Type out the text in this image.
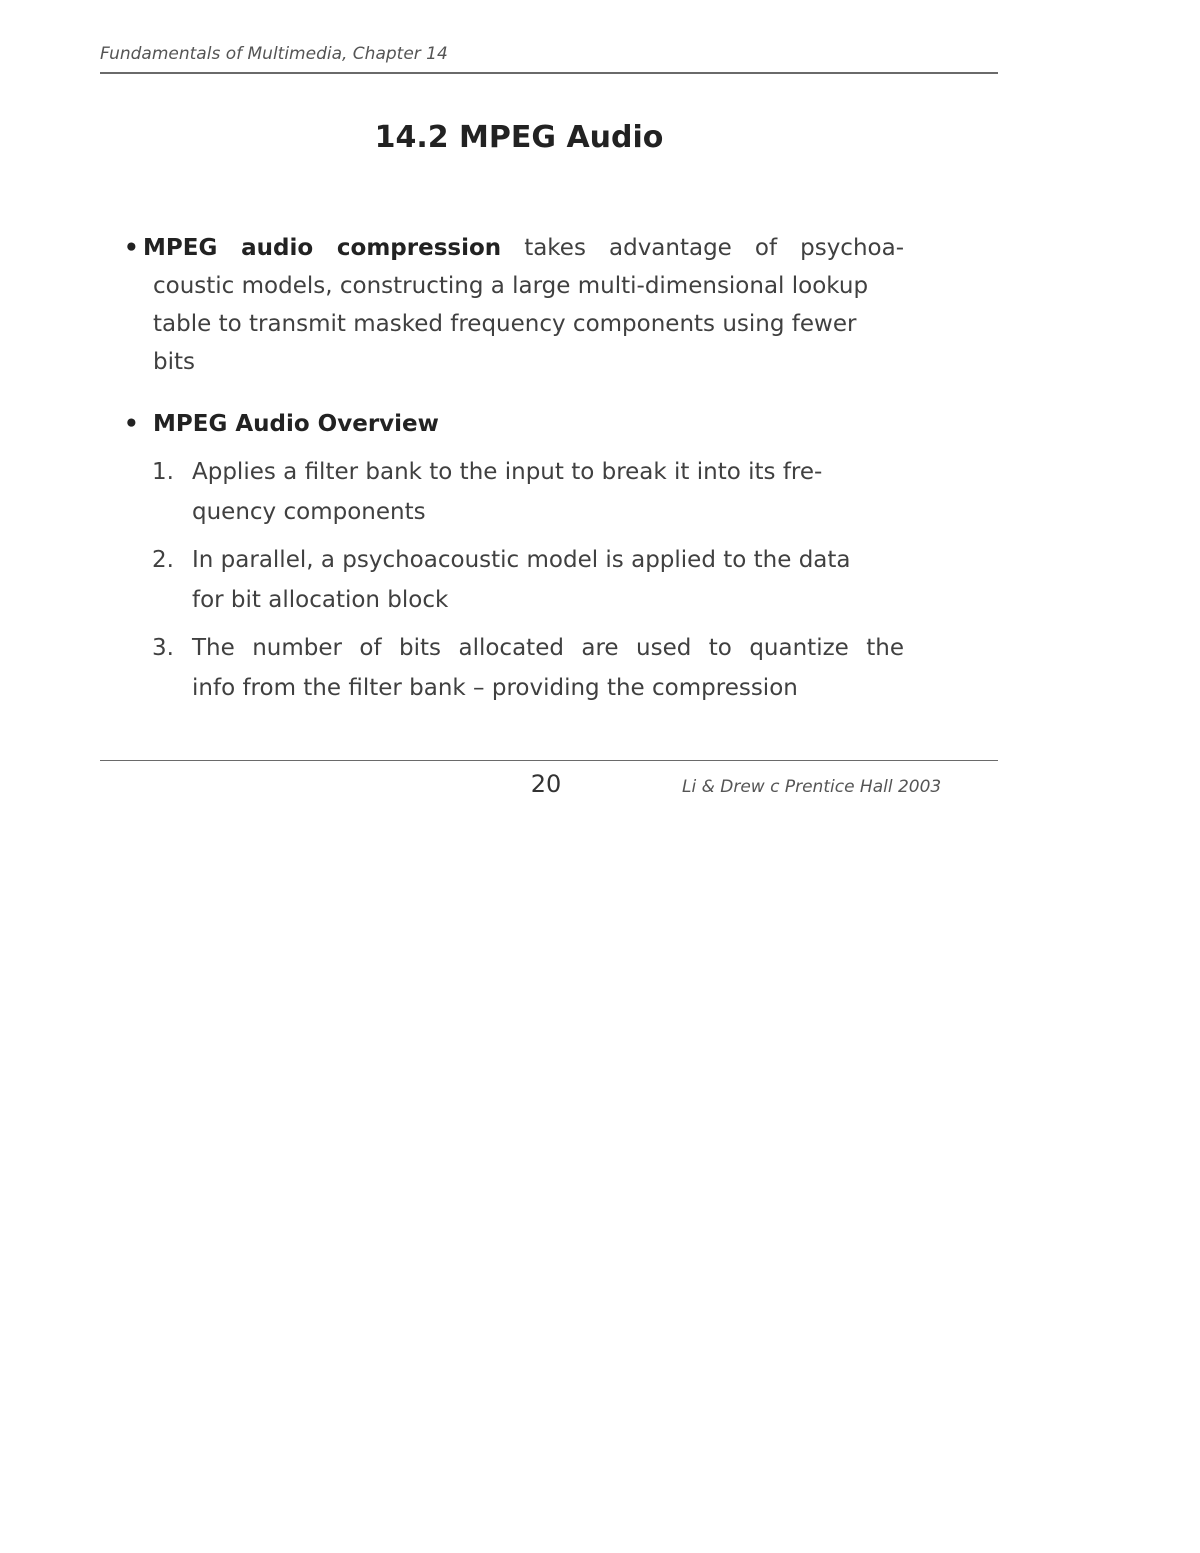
Fundamentals of Multimedia, Chapter 14
14.2 MPEG Audio
• MPEG audio compression takes advantage of psychoa-
coustic models, constructing a large multi-dimensional lookup table to transmit masked frequency components using fewer bits
• MPEG Audio Overview
1. Applies a filter bank to the input to break it into its fre-
quency components
2. In parallel, a psychoacoustic model is applied to the data
for bit allocation block
3. The number of bits allocated are used to quantize the
info from the filter bank – providing the compression
20	Li & Drew c Prentice Hall 2003
